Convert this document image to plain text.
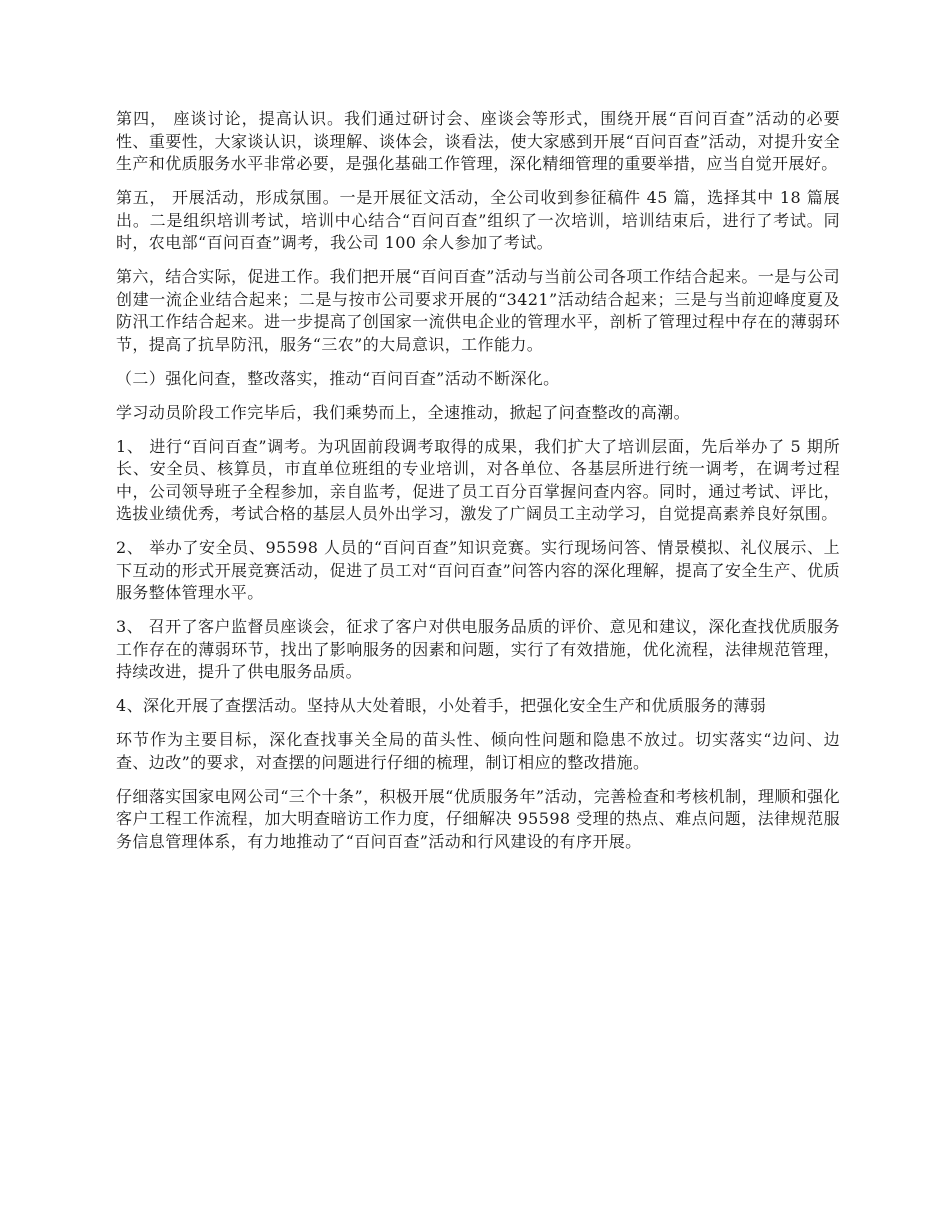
第四， 座谈讨论，提高认识。我们通过研讨会、座谈会等形式，围绕开展“百问百查”活动的必要性、重要性，大家谈认识，谈理解、谈体会，谈看法，使大家感到开展“百问百查”活动，对提升安全生产和优质服务水平非常必要，是强化基础工作管理，深化精细管理的重要举措，应当自觉开展好。

第五， 开展活动，形成氛围。一是开展征文活动，全公司收到参征稿件 45 篇，选择其中 18 篇展出。二是组织培训考试，培训中心结合“百问百查”组织了一次培训，培训结束后，进行了考试。同时，农电部“百问百查”调考，我公司 100 余人参加了考试。

第六，结合实际，促进工作。我们把开展“百问百查”活动与当前公司各项工作结合起来。一是与公司创建一流企业结合起来；二是与按市公司要求开展的“3421”活动结合起来；三是与当前迎峰度夏及防汛工作结合起来。进一步提高了创国家一流供电企业的管理水平，剖析了管理过程中存在的薄弱环节，提高了抗旱防汛，服务“三农”的大局意识，工作能力。

（二）强化问查，整改落实，推动“百问百查”活动不断深化。

学习动员阶段工作完毕后，我们乘势而上，全速推动，掀起了问查整改的高潮。

1、 进行“百问百查”调考。为巩固前段调考取得的成果，我们扩大了培训层面，先后举办了 5 期所长、安全员、核算员，市直单位班组的专业培训，对各单位、各基层所进行统一调考，在调考过程中，公司领导班子全程参加，亲自监考，促进了员工百分百掌握问查内容。同时，通过考试、评比，选拔业绩优秀，考试合格的基层人员外出学习，激发了广阔员工主动学习，自觉提高素养良好氛围。

2、 举办了安全员、95598 人员的“百问百查”知识竞赛。实行现场问答、情景模拟、礼仪展示、上下互动的形式开展竞赛活动，促进了员工对“百问百查”问答内容的深化理解，提高了安全生产、优质服务整体管理水平。

3、 召开了客户监督员座谈会，征求了客户对供电服务品质的评价、意见和建议，深化查找优质服务工作存在的薄弱环节，找出了影响服务的因素和问题，实行了有效措施，优化流程，法律规范管理，持续改进，提升了供电服务品质。

4、深化开展了查摆活动。坚持从大处着眼，小处着手，把强化安全生产和优质服务的薄弱

环节作为主要目标，深化查找事关全局的苗头性、倾向性问题和隐患不放过。切实落实“边问、边查、边改”的要求，对查摆的问题进行仔细的梳理，制订相应的整改措施。

仔细落实国家电网公司“三个十条”，积极开展“优质服务年”活动，完善检查和考核机制，理顺和强化客户工程工作流程，加大明查暗访工作力度，仔细解决 95598 受理的热点、难点问题，法律规范服务信息管理体系，有力地推动了“百问百查”活动和行风建设的有序开展。
